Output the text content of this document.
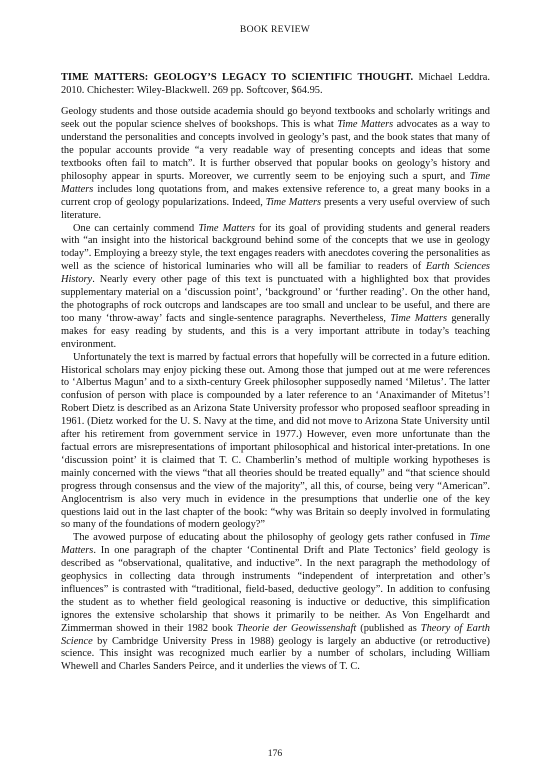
BOOK REVIEW
TIME MATTERS: GEOLOGY’S LEGACY TO SCIENTIFIC THOUGHT. Michael Leddra. 2010. Chichester: Wiley-Blackwell. 269 pp. Softcover, $64.95.

Geology students and those outside academia should go beyond textbooks and scholarly writings and seek out the popular science shelves of bookshops. This is what Time Matters advocates as a way to understand the personalities and concepts involved in geology’s past, and the book states that many of the popular accounts provide “a very readable way of presenting concepts and ideas that some textbooks often fail to match”. It is further observed that popular books on geology’s history and philosophy appear in spurts. Moreover, we currently seem to be enjoying such a spurt, and Time Matters includes long quotations from, and makes extensive reference to, a great many books in a current crop of geology popularizations. Indeed, Time Matters presents a very useful overview of such literature.

One can certainly commend Time Matters for its goal of providing students and general readers with “an insight into the historical background behind some of the concepts that we use in geology today”. Employing a breezy style, the text engages readers with anecdotes covering the personalities as well as the science of historical luminaries who will all be familiar to readers of Earth Sciences History. Nearly every other page of this text is punctuated with a highlighted box that provides supplementary material on a ‘discussion point’, ‘background’ or ‘further reading’. On the other hand, the photographs of rock outcrops and landscapes are too small and unclear to be useful, and there are too many ‘throw-away’ facts and single-sentence paragraphs. Nevertheless, Time Matters generally makes for easy reading by students, and this is a very important attribute in today’s teaching environment.

Unfortunately the text is marred by factual errors that hopefully will be corrected in a future edition. Historical scholars may enjoy picking these out. Among those that jumped out at me were references to ‘Albertus Magun’ and to a sixth-century Greek philosopher supposedly named ‘Miletus’. The latter confusion of person with place is compounded by a later reference to an ‘Anaximander of Mitetus’! Robert Dietz is described as an Arizona State University professor who proposed seafloor spreading in 1961. (Dietz worked for the U. S. Navy at the time, and did not move to Arizona State University until after his retirement from government service in 1977.) However, even more unfortunate than the factual errors are misrepresentations of important philosophical and historical inter-pretations. In one ‘discussion point’ it is claimed that T. C. Chamberlin’s method of multiple working hypotheses is mainly concerned with the views “that all theories should be treated equally” and “that science should progress through consensus and the view of the majority”, all this, of course, being very “American”. Anglocentrism is also very much in evidence in the presumptions that underlie one of the key questions laid out in the last chapter of the book: “why was Britain so deeply involved in formulating so many of the foundations of modern geology?”

The avowed purpose of educating about the philosophy of geology gets rather confused in Time Matters. In one paragraph of the chapter ‘Continental Drift and Plate Tectonics’ field geology is described as “observational, qualitative, and inductive”. In the next paragraph the methodology of geophysics in collecting data through instruments “independent of interpretation and other’s influences” is contrasted with “traditional, field-based, deductive geology”. In addition to confusing the student as to whether field geological reasoning is inductive or deductive, this simplification ignores the extensive scholarship that shows it primarily to be neither. As Von Engelhardt and Zimmerman showed in their 1982 book Theorie der Geowissenshaft (published as Theory of Earth Science by Cambridge University Press in 1988) geology is largely an abductive (or retroductive) science. This insight was recognized much earlier by a number of scholars, including William Whewell and Charles Sanders Peirce, and it underlies the views of T. C.

176
